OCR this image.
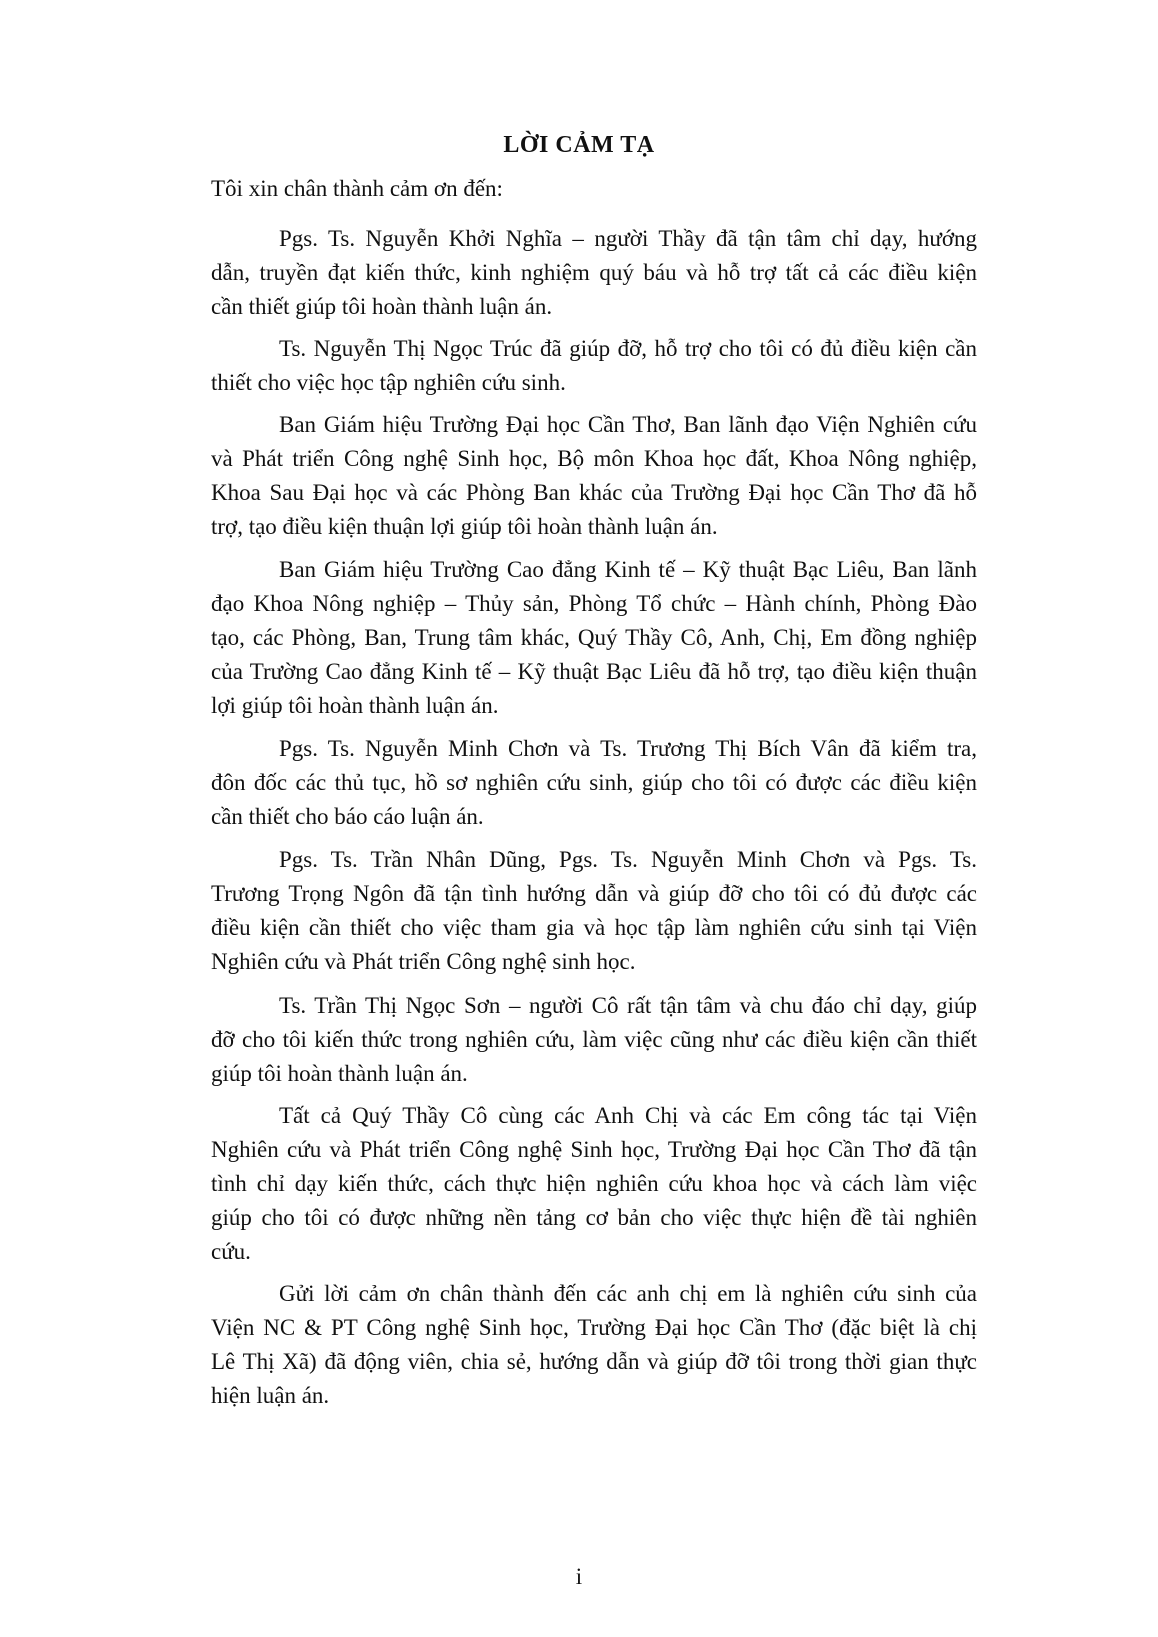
LỜI CẢM TẠ
Tôi xin chân thành cảm ơn đến:
Pgs. Ts. Nguyễn Khởi Nghĩa – người Thầy đã tận tâm chỉ dạy, hướng
dẫn, truyền đạt kiến thức, kinh nghiệm quý báu và hỗ trợ tất cả các điều kiện
cần thiết giúp tôi hoàn thành luận án.
Ts. Nguyễn Thị Ngọc Trúc đã giúp đỡ, hỗ trợ cho tôi có đủ điều kiện cần
thiết cho việc học tập nghiên cứu sinh.
Ban Giám hiệu Trường Đại học Cần Thơ, Ban lãnh đạo Viện Nghiên cứu
và Phát triển Công nghệ Sinh học, Bộ môn Khoa học đất, Khoa Nông nghiệp,
Khoa Sau Đại học và các Phòng Ban khác của Trường Đại học Cần Thơ đã hỗ
trợ, tạo điều kiện thuận lợi giúp tôi hoàn thành luận án.
Ban Giám hiệu Trường Cao đẳng Kinh tế – Kỹ thuật Bạc Liêu, Ban lãnh
đạo Khoa Nông nghiệp – Thủy sản, Phòng Tổ chức – Hành chính, Phòng Đào
tạo, các Phòng, Ban, Trung tâm khác, Quý Thầy Cô, Anh, Chị, Em đồng nghiệp
của Trường Cao đẳng Kinh tế – Kỹ thuật Bạc Liêu đã hỗ trợ, tạo điều kiện thuận
lợi giúp tôi hoàn thành luận án.
Pgs. Ts. Nguyễn Minh Chơn và Ts. Trương Thị Bích Vân đã kiểm tra,
đôn đốc các thủ tục, hồ sơ nghiên cứu sinh, giúp cho tôi có được các điều kiện
cần thiết cho báo cáo luận án.
Pgs. Ts. Trần Nhân Dũng, Pgs. Ts. Nguyễn Minh Chơn và Pgs. Ts.
Trương Trọng Ngôn đã tận tình hướng dẫn và giúp đỡ cho tôi có đủ được các
điều kiện cần thiết cho việc tham gia và học tập làm nghiên cứu sinh tại Viện
Nghiên cứu và Phát triển Công nghệ sinh học.
Ts. Trần Thị Ngọc Sơn – người Cô rất tận tâm và chu đáo chỉ dạy, giúp
đỡ cho tôi kiến thức trong nghiên cứu, làm việc cũng như các điều kiện cần thiết
giúp tôi hoàn thành luận án.
Tất cả Quý Thầy Cô cùng các Anh Chị và các Em công tác tại Viện
Nghiên cứu và Phát triển Công nghệ Sinh học, Trường Đại học Cần Thơ đã tận
tình chỉ dạy kiến thức, cách thực hiện nghiên cứu khoa học và cách làm việc
giúp cho tôi có được những nền tảng cơ bản cho việc thực hiện đề tài nghiên
cứu.
Gửi lời cảm ơn chân thành đến các anh chị em là nghiên cứu sinh của
Viện NC & PT Công nghệ Sinh học, Trường Đại học Cần Thơ (đặc biệt là chị
Lê Thị Xã) đã động viên, chia sẻ, hướng dẫn và giúp đỡ tôi trong thời gian thực
hiện luận án.
i
